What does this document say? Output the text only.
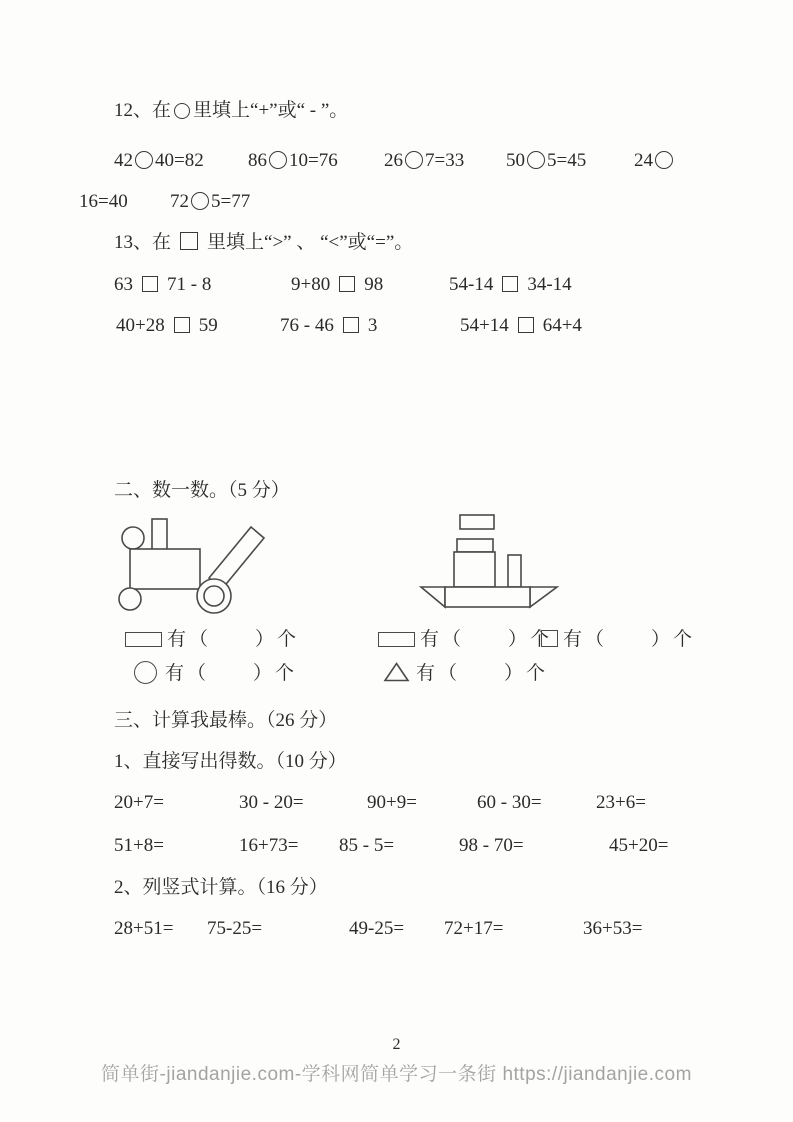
12、在 里填上“+”或“ - ”。
42 40=82 86 10=76 26 7=33 50 5=45	24
16=40 72 5=77
13、在 里填上“>” 、 “<”或“=”。
63 71 - 8	9+80 98	54-14 34-14
40+28 59	76 - 46 3	54+14 64+4
二、数一数。（5 分）
有（　　）个	有（　　）个 有（　　）个
有（　　）个	有（　　）个
三、计算我最棒。（26 分）
1、直接写出得数。（10 分）
20+7=	30 - 20=	90+9=	60 - 30=	23+6=
51+8=	16+73= 85 - 5=	98 - 70=	45+20=
2、列竖式计算。（16 分）
28+51= 75-25=	49-25= 72+17=	36+53=
2
简单街-jiandanjie.com-学科网简单学习一条街 https://jiandanjie.com
